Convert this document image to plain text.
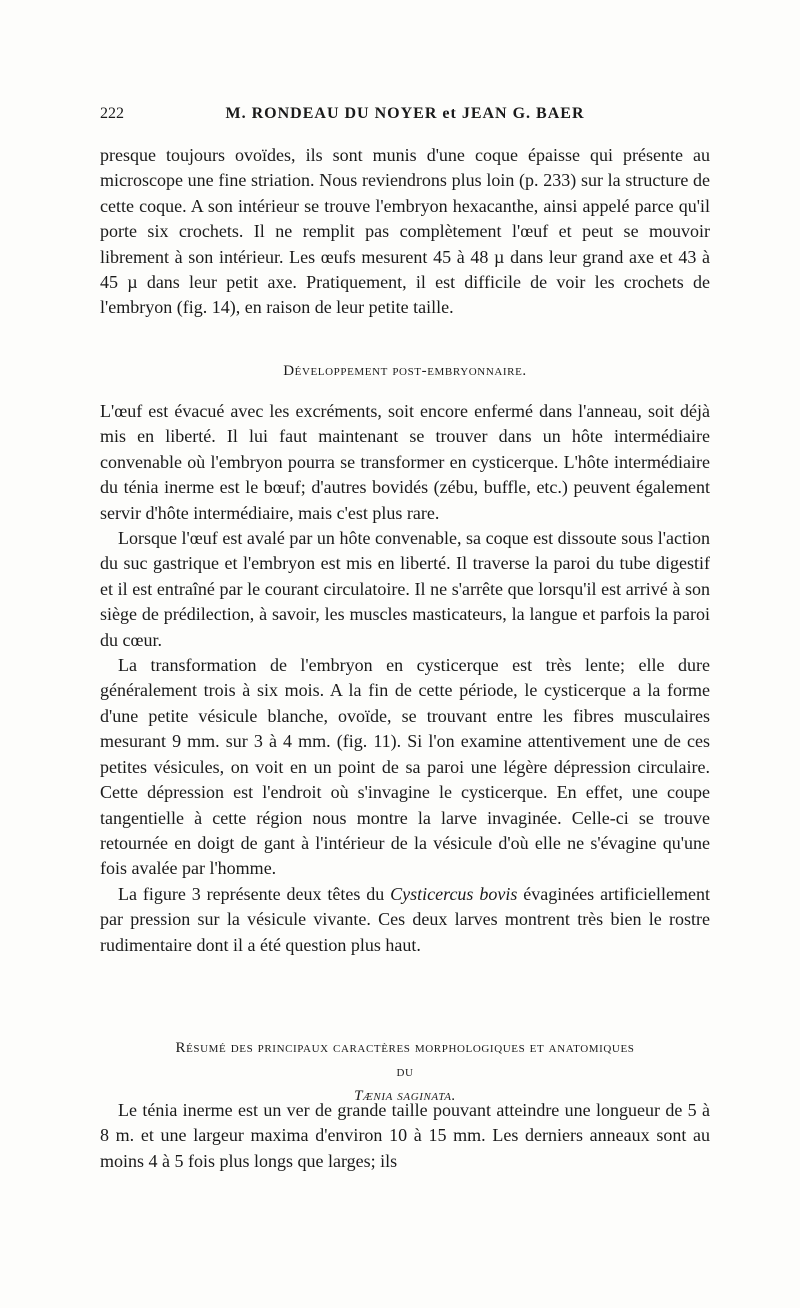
222	M. RONDEAU DU NOYER et JEAN G. BAER

presque toujours ovoïdes, ils sont munis d'une coque épaisse qui présente au microscope une fine striation. Nous reviendrons plus loin (p. 233) sur la structure de cette coque. A son intérieur se trouve l'embryon hexacanthe, ainsi appelé parce qu'il porte six crochets. Il ne remplit pas complètement l'œuf et peut se mouvoir librement à son intérieur. Les œufs mesurent 45 à 48 µ dans leur grand axe et 43 à 45 µ dans leur petit axe. Pratiquement, il est difficile de voir les crochets de l'embryon (fig. 14), en raison de leur petite taille.

Développement post-embryonnaire.

L'œuf est évacué avec les excréments, soit encore enfermé dans l'anneau, soit déjà mis en liberté. Il lui faut maintenant se trouver dans un hôte intermédiaire convenable où l'embryon pourra se transformer en cysticerque. L'hôte intermédiaire du ténia inerme est le bœuf; d'autres bovidés (zébu, buffle, etc.) peuvent également servir d'hôte intermédiaire, mais c'est plus rare.

Lorsque l'œuf est avalé par un hôte convenable, sa coque est dissoute sous l'action du suc gastrique et l'embryon est mis en liberté. Il traverse la paroi du tube digestif et il est entraîné par le courant circulatoire. Il ne s'arrête que lorsqu'il est arrivé à son siège de prédilection, à savoir, les muscles masticateurs, la langue et parfois la paroi du cœur.

La transformation de l'embryon en cysticerque est très lente; elle dure généralement trois à six mois. A la fin de cette période, le cysticerque a la forme d'une petite vésicule blanche, ovoïde, se trouvant entre les fibres musculaires mesurant 9 mm. sur 3 à 4 mm. (fig. 11). Si l'on examine attentivement une de ces petites vésicules, on voit en un point de sa paroi une légère dépression circulaire. Cette dépression est l'endroit où s'invagine le cysticerque. En effet, une coupe tangentielle à cette région nous montre la larve invaginée. Celle-ci se trouve retournée en doigt de gant à l'intérieur de la vésicule d'où elle ne s'évagine qu'une fois avalée par l'homme.

La figure 3 représente deux têtes du Cysticercus bovis évaginées artificiellement par pression sur la vésicule vivante. Ces deux larves montrent très bien le rostre rudimentaire dont il a été question plus haut.

Résumé des principaux caractères morphologiques et anatomiques
du
Tænia saginata.

Le ténia inerme est un ver de grande taille pouvant atteindre une longueur de 5 à 8 m. et une largeur maxima d'environ 10 à 15 mm. Les derniers anneaux sont au moins 4 à 5 fois plus longs que larges; ils
